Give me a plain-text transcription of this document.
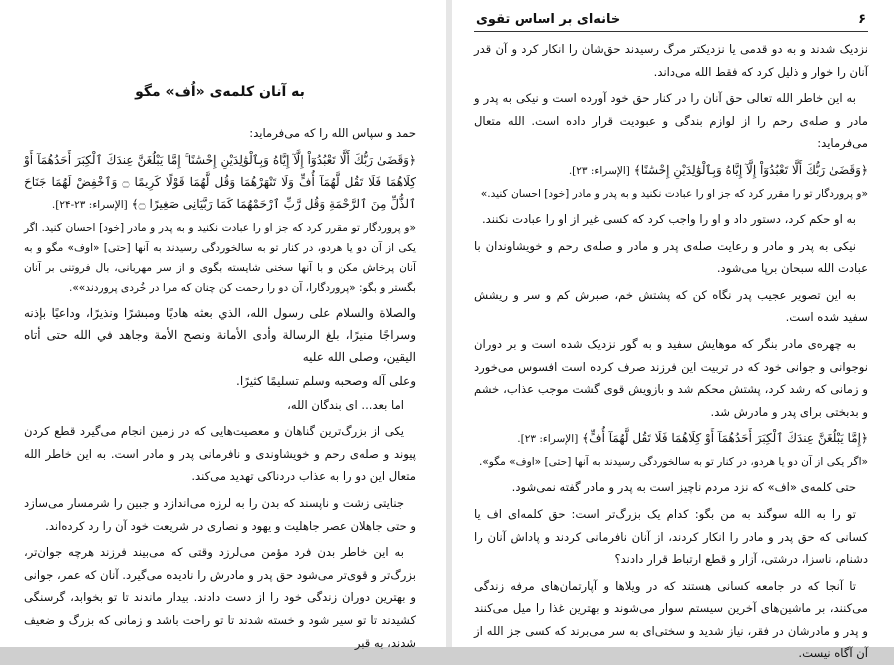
به آنان کلمه‌ی «اُف» مگو

حمد و سپاس الله را که می‌فرماید:

﴿وَقَضَىٰ رَبُّكَ أَلَّا تَعْبُدُوٓاْ إِلَّآ إِيَّاهُ وَبِٱلْوَٰلِدَيْنِ إِحْسَٰنًا ۚ إِمَّا يَبْلُغَنَّ عِندَكَ ٱلْكِبَرَ أَحَدُهُمَآ أَوْ كِلَاهُمَا فَلَا تَقُل لَّهُمَآ أُفٍّ وَلَا تَنْهَرْهُمَا وَقُل لَّهُمَا قَوْلًا كَرِيمًا ۝ وَٱخْفِضْ لَهُمَا جَنَاحَ ٱلذُّلِّ مِنَ ٱلرَّحْمَةِ وَقُل رَّبِّ ٱرْحَمْهُمَا كَمَا رَبَّيَانِى صَغِيرًا ۝﴾ [الإسراء: ۲۳-۲۴].

«و پروردگار تو مقرر کرد که جز او را عبادت نکنید و به پدر و مادر [خود] احسان کنید. اگر یکی از آن دو یا هردو، در کنار تو به سالخوردگی رسیدند به آنها [حتی] «اوف» مگو و به آنان پرخاش مکن و با آنها سخنی شایسته بگوی و از سر مهربانی، بال فروتنی بر آنان بگستر و بگو: «پروردگارا، آن دو را رحمت کن چنان که مرا در خُردی پروردند»».

والصلاة والسلام على رسول الله، الذي بعثه هاديًا ومبشرًا ونذيرًا، وداعيًا بإذنه وسراجًا منيرًا، بلغ الرسالة وأدى الأمانة ونصح الأمة وجاهد في الله حتى أتاه اليقين، وصلى الله عليه

وعلى آله وصحبه وسلم تسليمًا كثيرًا.

اما بعد... ای بندگان الله،

یکی از بزرگ‌ترین گناهان و معصیت‌هایی که در زمین انجام می‌گیرد قطع کردن پیوند و صله‌ی رحم و خویشاوندی و نافرمانی پدر و مادر است. به این خاطر الله متعال این دو را به عذاب دردناکی تهدید می‌کند.

جنایتی زشت و ناپسند که بدن را به لرزه می‌اندازد و جبین را شرمسار می‌سازد و حتی جاهلان عصر جاهلیت و یهود و نصاری در شریعت خود آن را رد کرده‌اند.

به این خاطر بدن فرد مؤمن می‌لرزد وقتی که می‌بیند فرزند هرچه جوان‌تر، بزرگ‌تر و قوی‌تر می‌شود حق پدر و مادرش را نادیده می‌گیرد. آنان که عمر، جوانی و بهترین دوران زندگی خود را از دست دادند. بیدار ماندند تا تو بخوابد، گرسنگی کشیدند تا تو سیر شود و خسته شدند تا تو راحت باشد و زمانی که بزرگ و ضعیف شدند، به قبر

۶
خانه‌ای بر اساس تقوی

نزدیک شدند و به دو قدمی یا نزدیکتر مرگ رسیدند حق‌شان را انکار کرد و آن قدر آنان را خوار و ذلیل کرد که فقط الله می‌داند.

به این خاطر الله تعالی حق آنان را در کنار حق خود آورده است و نیکی به پدر و مادر و صله‌ی رحم را از لوازم بندگی و عبودیت قرار داده است. الله متعال می‌فرماید:

﴿وَقَضَىٰ رَبُّكَ أَلَّا تَعْبُدُوٓاْ إِلَّآ إِيَّاهُ وَبِٱلْوَٰلِدَيْنِ إِحْسَٰنًا﴾ [الإسراء: ۲۳].

«و پروردگار تو را مقرر کرد که جز او را عبادت نکنید و به پدر و مادر [خود] احسان کنید.»

به او حکم کرد، دستور داد و او را واجب کرد که کسی غیر از او را عبادت نکنند.

نیکی به پدر و مادر و رعایت صله‌ی پدر و مادر و صله‌ی رحم و خویشاوندان با عبادت الله سبحان برپا می‌شود.

به این تصویر عجیب پدر نگاه کن که پشتش خم، صبرش کم و سر و ریشش سفید شده است.

به چهره‌ی مادر بنگر که موهایش سفید و به گور نزدیک شده است و بر دوران نوجوانی و جوانی خود که در تربیت این فرزند صرف کرده است افسوس می‌خورد و زمانی که رشد کرد، پشتش محکم شد و بازویش قوی گشت موجب عذاب، خشم و بدبختی برای پدر و مادرش شد.

﴿إِمَّا يَبْلُغَنَّ عِندَكَ ٱلْكِبَرَ أَحَدُهُمَآ أَوْ كِلَاهُمَا فَلَا تَقُل لَّهُمَآ أُفٍّ﴾ [الإسراء: ۲۳].

«اگر یکی از آن دو یا هردو، در کنار تو به سالخوردگی رسیدند به آنها [حتی] «اوف» مگو».

حتی کلمه‌ی «اف» که نزد مردم ناچیز است به پدر و مادر گفته نمی‌شود.

تو را به الله سوگند به من بگو: کدام یک بزرگ‌تر است: حق کلمه‌ای اف یا کسانی که حق پدر و مادر را انکار کردند، از آنان نافرمانی کردند و پاداش آنان را دشنام، ناسزا، درشتی، آزار و قطع ارتباط قرار دادند؟

تا آنجا که در جامعه کسانی هستند که در ویلاها و آپارتمان‌های مرفه زندگی می‌کنند، بر ماشین‌های آخرین سیستم سوار می‌شوند و بهترین غذا را میل می‌کنند و پدر و مادرشان در فقر، نیاز شدید و سختی‌ای به سر می‌برند که کسی جز الله از آن آگاه نیست.
